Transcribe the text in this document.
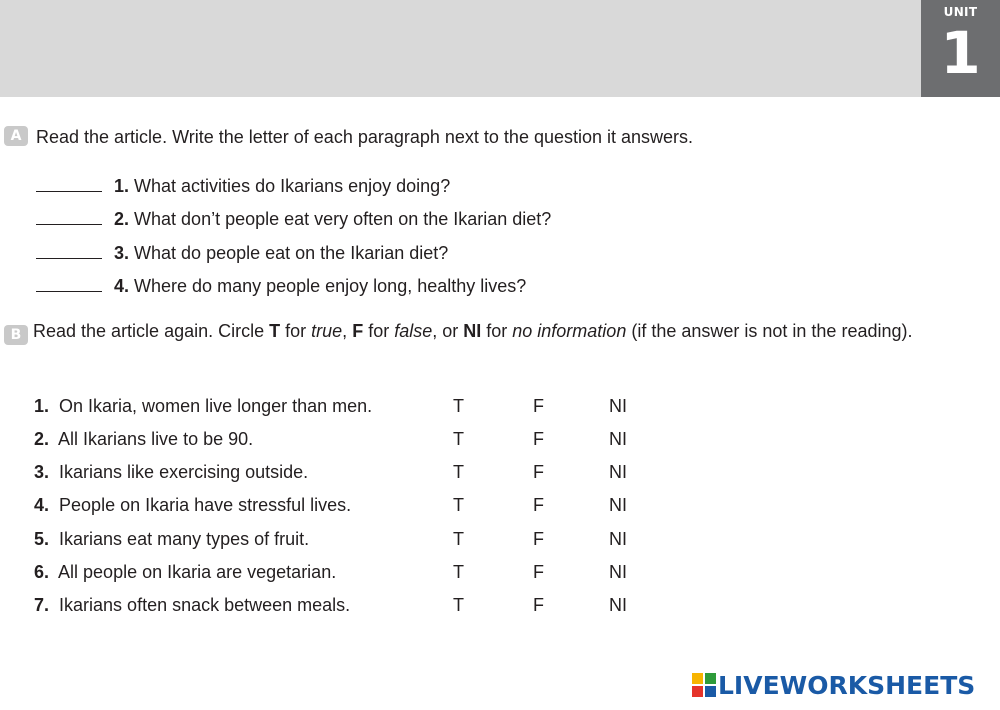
UNIT
1
A Read the article. Write the letter of each paragraph next to the question it answers.
1. What activities do Ikarians enjoy doing?
2. What don’t people eat very often on the Ikarian diet?
3. What do people eat on the Ikarian diet?
4. Where do many people enjoy long, healthy lives?
B Read the article again. Circle T for true, F for false, or NI for no information (if the answer is not in the reading).
1. On Ikaria, women live longer than men.	T	F	NI
2. All Ikarians live to be 90.	T	F	NI
3. Ikarians like exercising outside.	T	F	NI
4. People on Ikaria have stressful lives.	T	F	NI
5. Ikarians eat many types of fruit.	T	F	NI
6. All people on Ikaria are vegetarian.	T	F	NI
7. Ikarians often snack between meals.	T	F	NI
LIVEWORKSHEETS
